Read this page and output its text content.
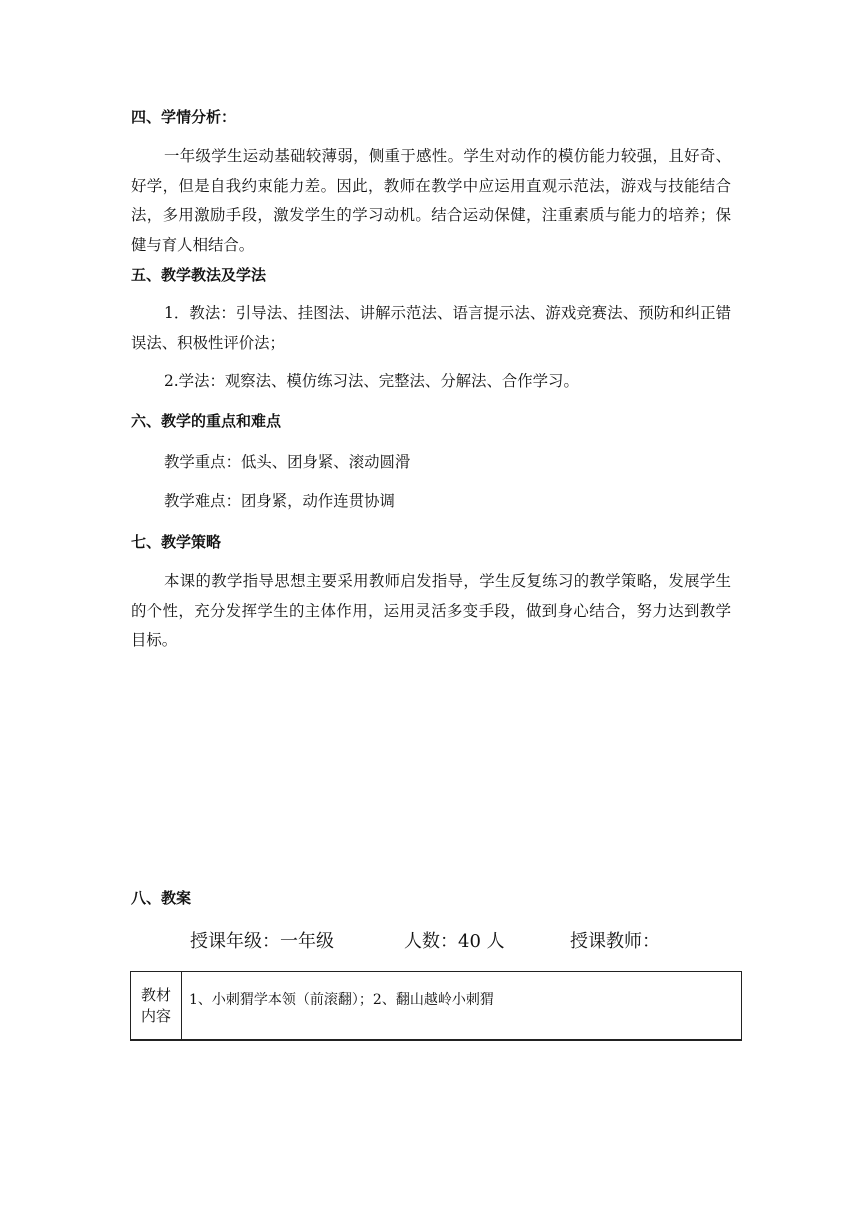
四、学情分析：

一年级学生运动基础较薄弱，侧重于感性。学生对动作的模仿能力较强，且好奇、好学，但是自我约束能力差。因此，教师在教学中应运用直观示范法，游戏与技能结合法，多用激励手段，激发学生的学习动机。结合运动保健，注重素质与能力的培养；保健与育人相结合。

五、教学教法及学法

1．教法：引导法、挂图法、讲解示范法、语言提示法、游戏竞赛法、预防和纠正错误法、积极性评价法；

2.学法：观察法、模仿练习法、完整法、分解法、合作学习。
六、教学的重点和难点
教学重点：低头、团身紧、滚动圆滑
教学难点：团身紧，动作连贯协调
七、教学策略

本课的教学指导思想主要采用教师启发指导，学生反复练习的教学策略，发展学生的个性，充分发挥学生的主体作用，运用灵活多变手段，做到身心结合，努力达到教学目标。

八、教案
授课年级：一年级	人数：40 人	授课教师：
教材
内容
	1、小刺猬学本领（前滚翻）；2、翻山越岭小刺猬
